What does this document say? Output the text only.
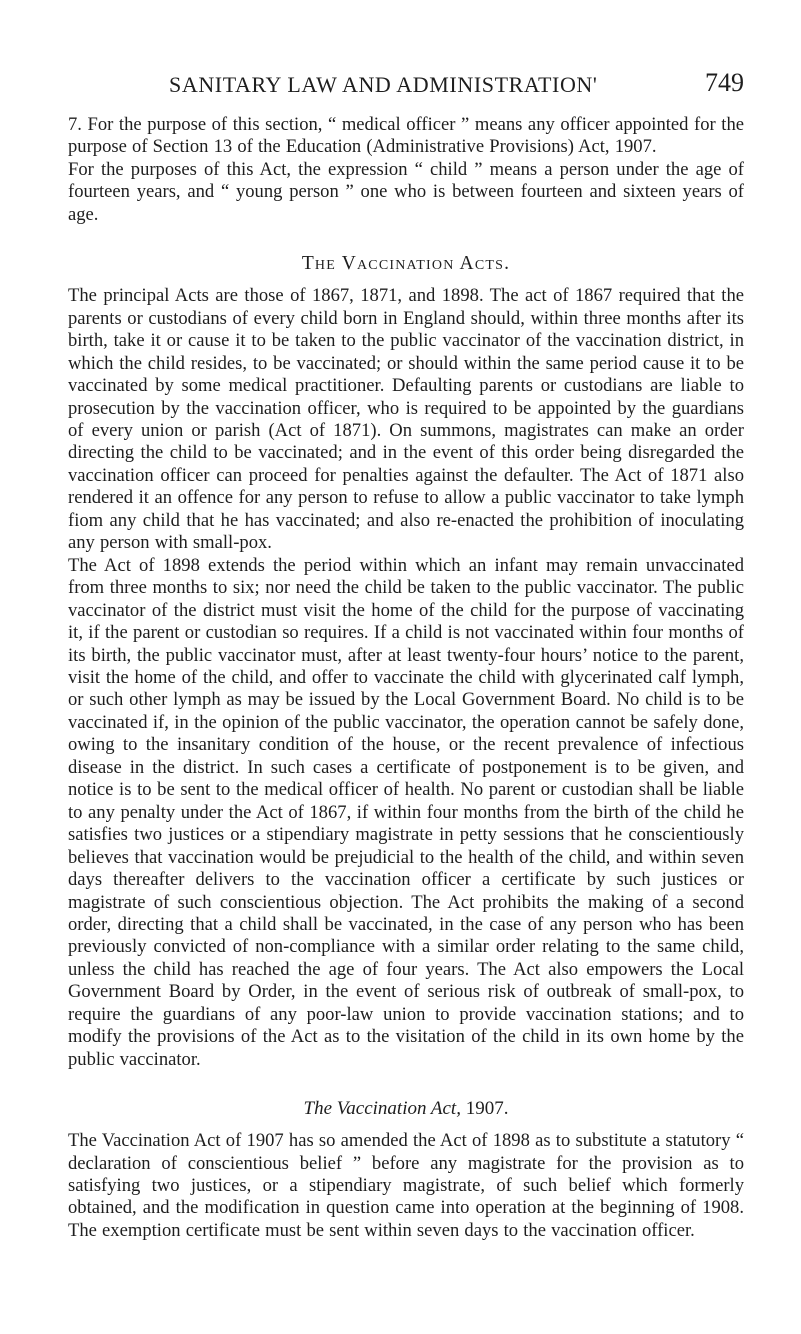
SANITARY LAW AND ADMINISTRATION'	749

7. For the purpose of this section, “ medical officer ” means any officer appointed for the purpose of Section 13 of the Education (Administrative Provisions) Act, 1907.

For the purposes of this Act, the expression “ child ” means a person under the age of fourteen years, and “ young person ” one who is between fourteen and sixteen years of age.

The Vaccination Acts.

The principal Acts are those of 1867, 1871, and 1898. The act of 1867 required that the parents or custodians of every child born in England should, within three months after its birth, take it or cause it to be taken to the public vaccinator of the vaccination district, in which the child resides, to be vaccinated; or should within the same period cause it to be vaccinated by some medical practitioner. Defaulting parents or custodians are liable to prosecution by the vaccination officer, who is required to be appointed by the guardians of every union or parish (Act of 1871). On summons, magistrates can make an order directing the child to be vaccinated; and in the event of this order being disregarded the vaccination officer can proceed for penalties against the defaulter. The Act of 1871 also rendered it an offence for any person to refuse to allow a public vaccinator to take lymph fiom any child that he has vaccinated; and also re-enacted the prohibition of inoculating any person with small-pox.

The Act of 1898 extends the period within which an infant may remain unvaccinated from three months to six; nor need the child be taken to the public vaccinator. The public vaccinator of the district must visit the home of the child for the purpose of vaccinating it, if the parent or custodian so requires. If a child is not vaccinated within four months of its birth, the public vaccinator must, after at least twenty-four hours’ notice to the parent, visit the home of the child, and offer to vaccinate the child with glycerinated calf lymph, or such other lymph as may be issued by the Local Government Board. No child is to be vaccinated if, in the opinion of the public vaccinator, the operation cannot be safely done, owing to the insanitary condition of the house, or the recent prevalence of infectious disease in the district. In such cases a certificate of postponement is to be given, and notice is to be sent to the medical officer of health. No parent or custodian shall be liable to any penalty under the Act of 1867, if within four months from the birth of the child he satisfies two justices or a stipendiary magistrate in petty sessions that he conscientiously believes that vaccination would be prejudicial to the health of the child, and within seven days thereafter delivers to the vaccination officer a certificate by such justices or magistrate of such conscientious objection. The Act prohibits the making of a second order, directing that a child shall be vaccinated, in the case of any person who has been previously convicted of non-compliance with a similar order relating to the same child, unless the child has reached the age of four years. The Act also empowers the Local Government Board by Order, in the event of serious risk of outbreak of small-pox, to require the guardians of any poor-law union to provide vaccination stations; and to modify the provisions of the Act as to the visitation of the child in its own home by the public vaccinator.

The Vaccination Act, 1907.

The Vaccination Act of 1907 has so amended the Act of 1898 as to substitute a statutory “ declaration of conscientious belief ” before any magistrate for the provision as to satisfying two justices, or a stipendiary magistrate, of such belief which formerly obtained, and the modification in question came into operation at the beginning of 1908. The exemption certificate must be sent within seven days to the vaccination officer.
